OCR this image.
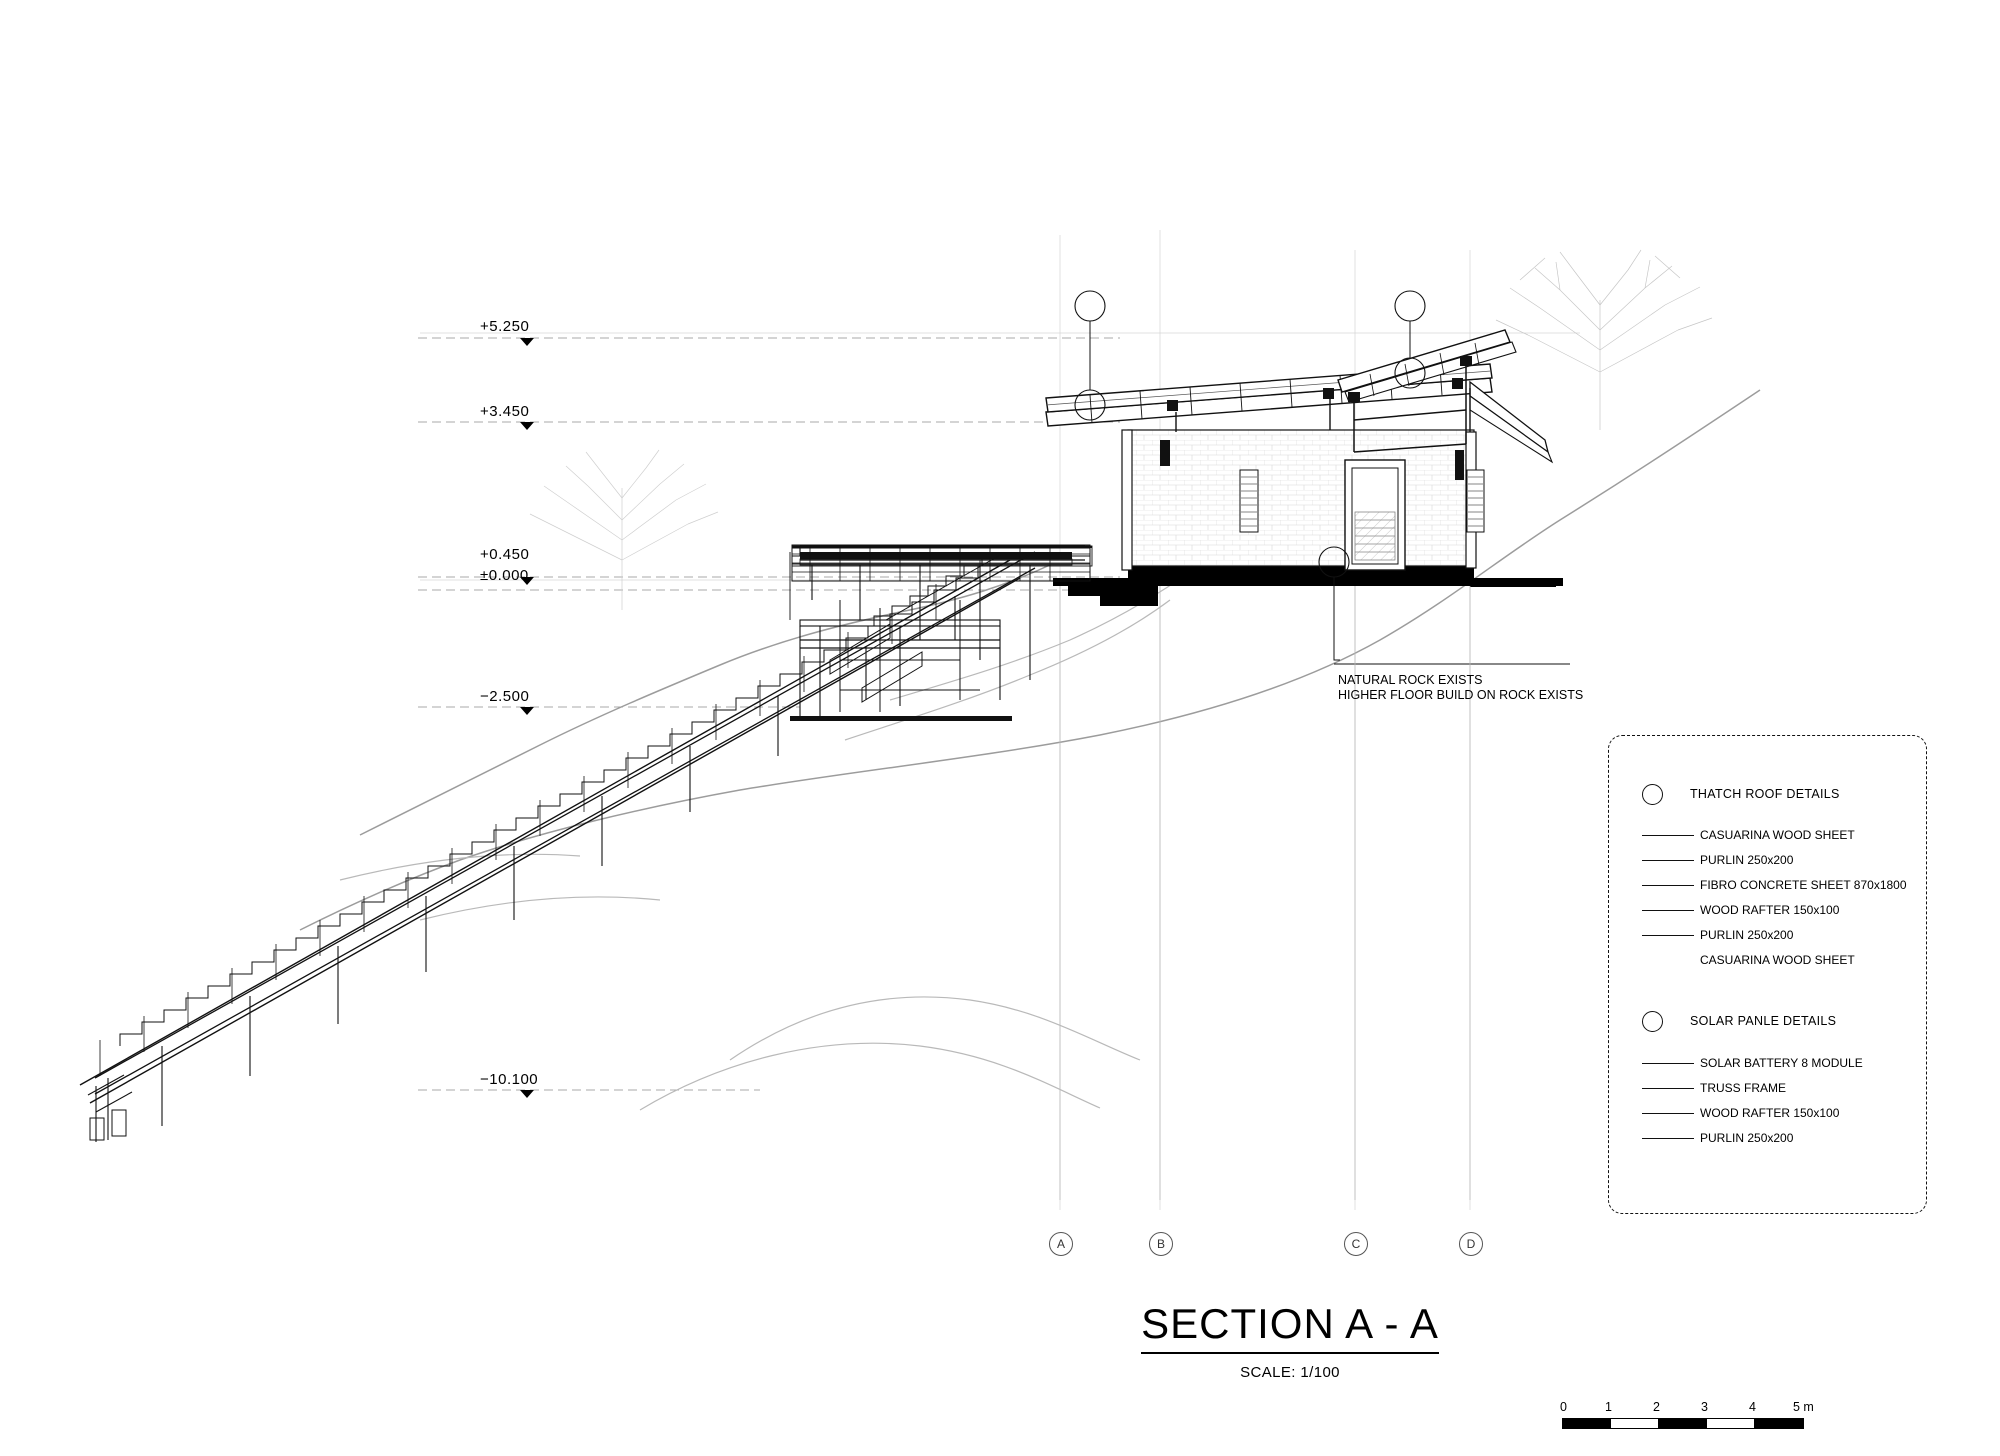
+5.250
+3.450
+0.450
±0.000
−2.500
−10.100
NATURAL ROCK EXISTS
HIGHER FLOOR BUILD ON ROCK EXISTS
A	B	C	D
THATCH ROOF DETAILS
CASUARINA WOOD SHEET
PURLIN 250x200
FIBRO CONCRETE SHEET 870x1800
WOOD RAFTER 150x100
PURLIN 250x200
CASUARINA WOOD SHEET
SOLAR PANLE DETAILS
SOLAR BATTERY 8 MODULE
TRUSS FRAME
WOOD RAFTER 150x100
PURLIN 250x200
SECTION A - A
SCALE: 1/100
0	1	2	3	4	5 m
